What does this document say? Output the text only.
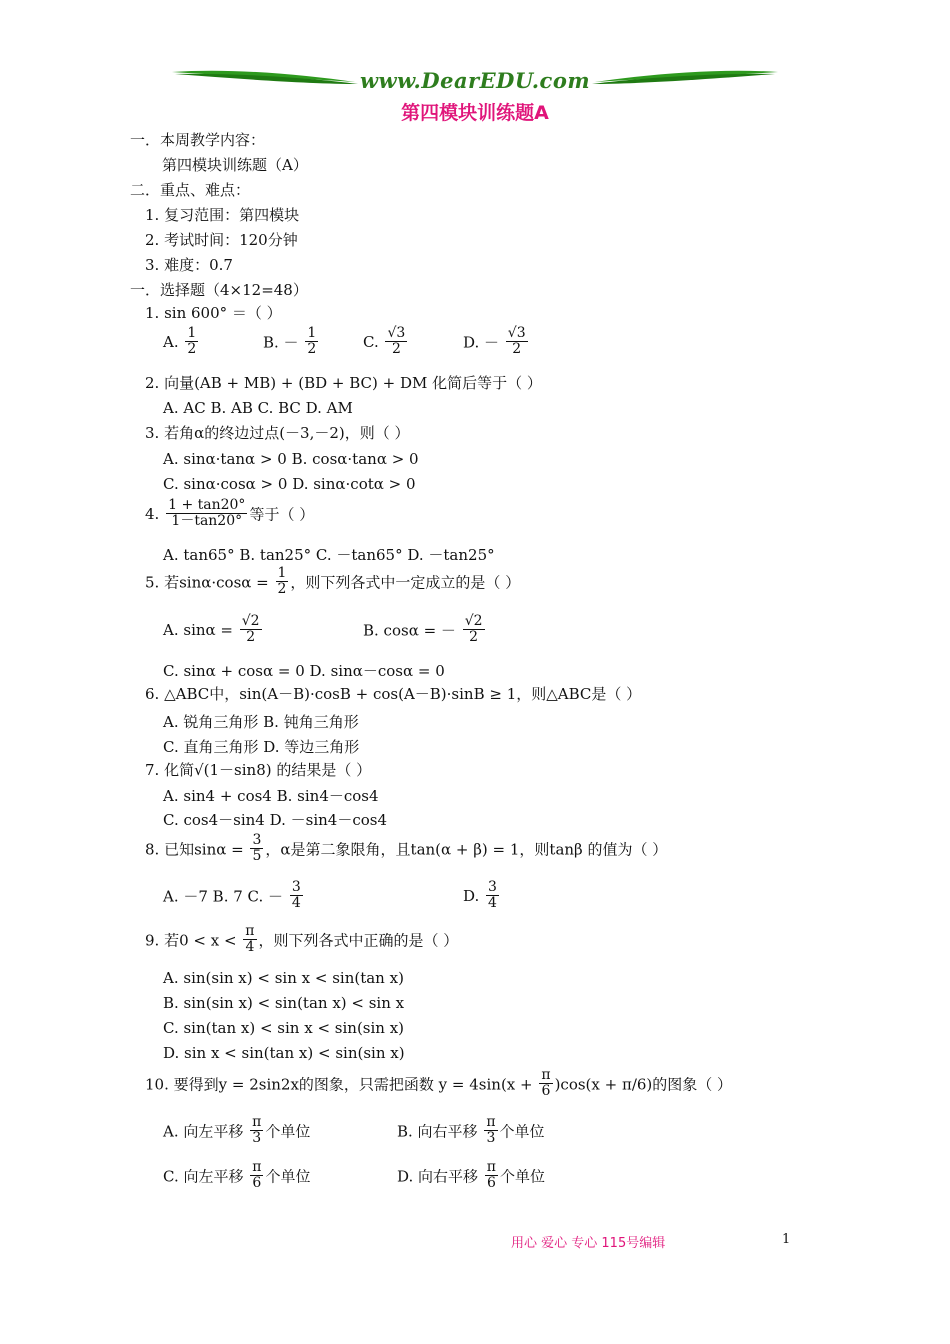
www.DearEDU.com
第四模块训练题A
一．本周教学内容：
第四模块训练题（A）
二．重点、难点：
1. 复习范围：第四模块
2. 考试时间：120分钟
3. 难度：0.7
一．选择题（4×12=48）
1. sin 600° ＝（ ）
2. 向量(AB + MB) + (BD + BC) + DM 化简后等于（ ）
A. AC B. AB C. BC D. AM
3. 若角α的终边过点(－3,－2)，则（ ）
A. sinα·tanα > 0 B. cosα·tanα > 0
C. sinα·cosα > 0 D. sinα·cotα > 0
A. tan65° B. tan25° C. －tan65° D. －tan25°
C. sinα + cosα = 0 D. sinα－cosα = 0
6. △ABC中，sin(A－B)·cosB + cos(A－B)·sinB ≥ 1，则△ABC是（ ）
A. 锐角三角形 B. 钝角三角形
C. 直角三角形 D. 等边三角形
7. 化简√(1－sin8) 的结果是（ ）
A. sin4 + cos4 B. sin4－cos4
C. cos4－sin4 D. －sin4－cos4
A. sin(sin x) < sin x < sin(tan x)
B. sin(sin x) < sin(tan x) < sin x
C. sin(tan x) < sin x < sin(sin x)
D. sin x < sin(tan x) < sin(sin x)
A. $\frac{1}{2}$	B. － $\frac{1}{2}$	C. $\frac{√3}{2}$	D. － $\frac{√3}{2}$
4. $\frac{1 + \tan 20^\circ}{1-\tan 20^\circ}$ 等于（ ）
5. 若$\sin\alpha\cdot\cos\alpha = \frac{1}{2}$ ，则下列各式中一定成立的是（ ）
A. $\sin\alpha = \frac{√2}{2}$	B. cosα = － $\frac{√2}{2}$
8. 已知$\sin\alpha = \frac{3}{5}$ ，α是第二象限角，且tan(α + β) = 1，则tanβ 的值为（ ）
A. －7 B. 7 C. － $\frac{3}{4}$	D. $\frac{3}{4}$
9. 若$0 < x < \frac{\pi}{4}$ ，则下列各式中正确的是（ ）
10. 要得到y = 2sin2x的图象，只需把函数 $y = 4\sin(x + \frac{\pi}{6} )\cos(x + \pi/6)$的图象（ ）
A. 向左平移 $\frac{\pi}{3}$ 个单位	B. 向右平移 $\frac{\pi}{3}$ 个单位
C. 向左平移 $\frac{\pi}{6}$ 个单位	D. 向右平移 $\frac{\pi}{6}$ 个单位
用心 爱心 专心 115号编辑	1
